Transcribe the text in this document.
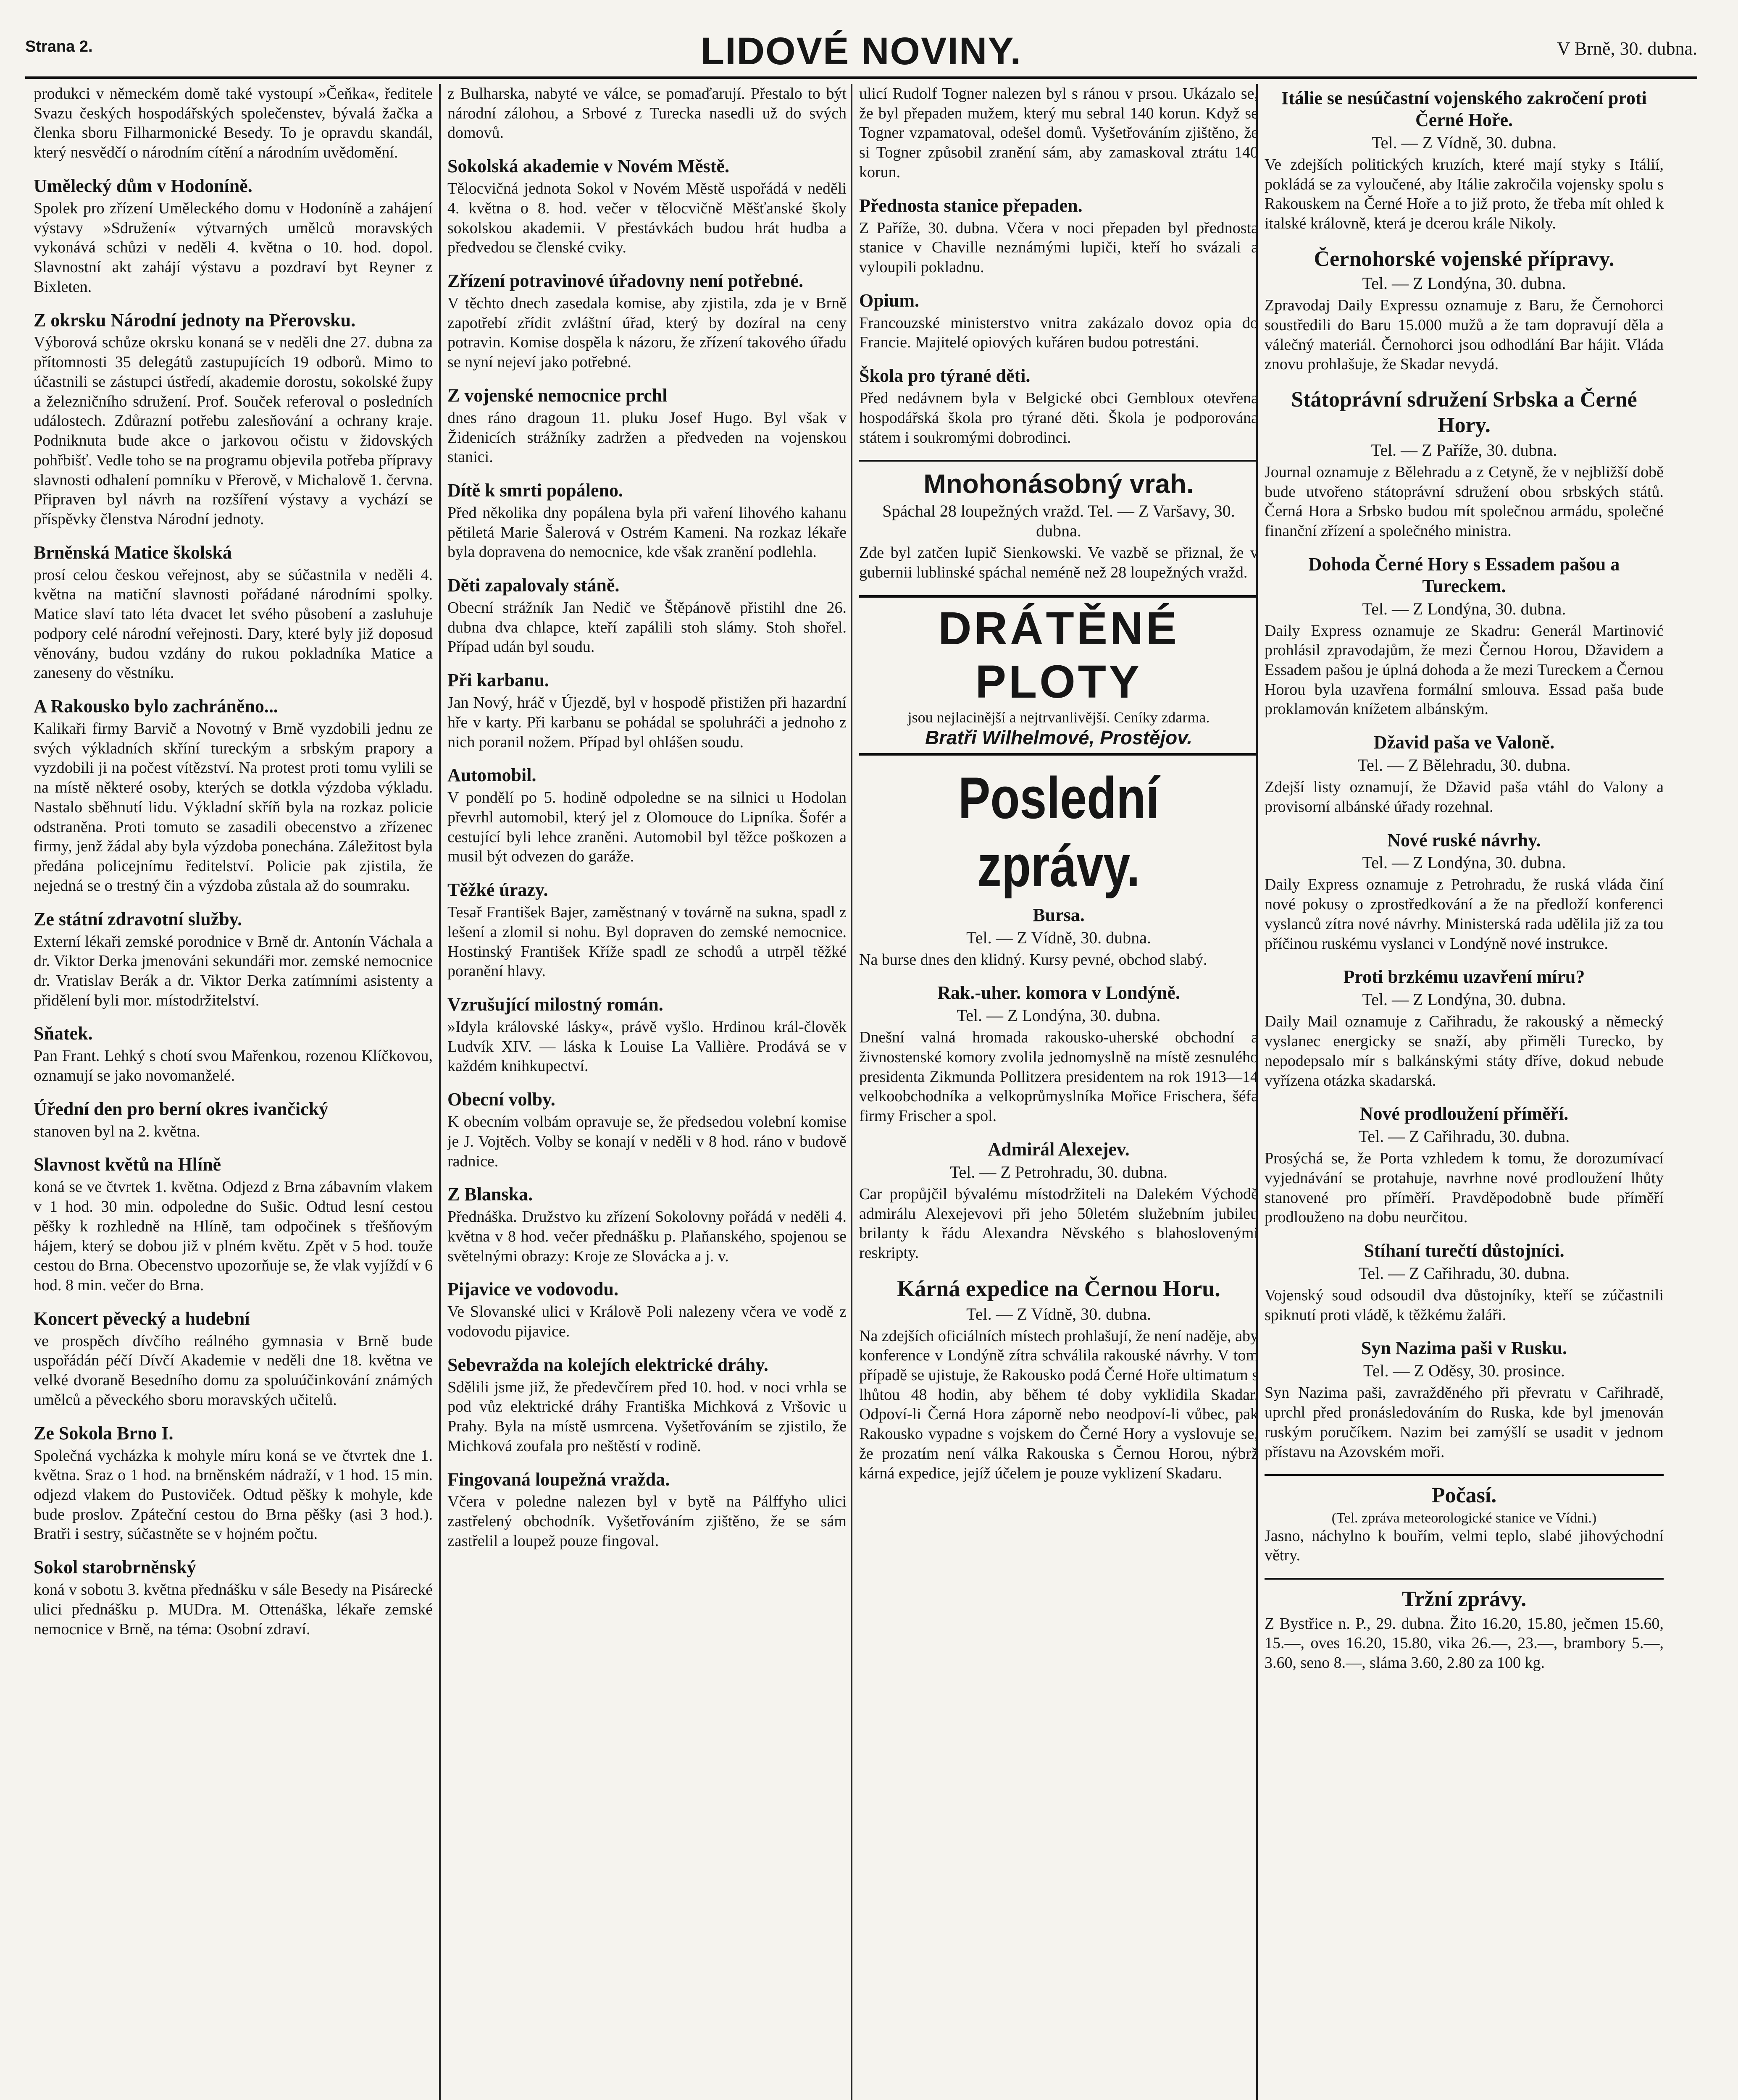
Strana 2.	LIDOVÉ NOVINY.	V Brně, 30. dubna.

produkci v německém domě také vystoupí »Čeňka«, ředitele Svazu českých hospodářských společenstev, bývalá žačka a členka sboru Filharmonické Besedy. To je opravdu skandál, který nesvědčí o národním cítění a národním uvědomění.

Umělecký dům v Hodoníně.

Spolek pro zřízení Uměleckého domu v Hodoníně a zahájení výstavy »Sdružení« výtvarných umělců moravských vykonává schůzi v neděli 4. května o 10. hod. dopol. Slavnostní akt zahájí výstavu a pozdraví byt Reyner z Bixleten.

Z okrsku Národní jednoty na Přerovsku.

Výborová schůze okrsku konaná se v neděli dne 27. dubna za přítomnosti 35 delegátů zastupujících 19 odborů. Mimo to účastnili se zástupci ústředí, akademie dorostu, sokolské župy a železničního sdružení. Prof. Souček referoval o posledních událostech. Zdůrazní potřebu zalesňování a ochrany kraje. Podniknuta bude akce o jarkovou očistu v židovských pohřbišť. Vedle toho se na programu objevila potřeba přípravy slavnosti odhalení pomníku v Přerově, v Michalově 1. června. Připraven byl návrh na rozšíření výstavy a vychází se příspěvky členstva Národní jednoty.

Brněnská Matice školská

prosí celou českou veřejnost, aby se súčastnila v neděli 4. května na matiční slavnosti pořádané národními spolky. Matice slaví tato léta dvacet let svého působení a zasluhuje podpory celé národní veřejnosti. Dary, které byly již doposud věnovány, budou vzdány do rukou pokladníka Matice a zaneseny do věstníku.

A Rakousko bylo zachráněno...

Kalikaři firmy Barvič a Novotný v Brně vyzdobili jednu ze svých výkladních skříní tureckým a srbským prapory a vyzdobili ji na počest vítězství. Na protest proti tomu vylili se na místě některé osoby, kterých se dotkla výzdoba výkladu. Nastalo sběhnutí lidu. Výkladní skříň byla na rozkaz policie odstraněna. Proti tomuto se zasadili obecenstvo a zřízenec firmy, jenž žádal aby byla výzdoba ponechána. Záležitost byla předána policejnímu ředitelství. Policie pak zjistila, že nejedná se o trestný čin a výzdoba zůstala až do soumraku.

Ze státní zdravotní služby.

Externí lékaři zemské porodnice v Brně dr. Antonín Váchala a dr. Viktor Derka jmenováni sekundáři mor. zemské nemocnice dr. Vratislav Berák a dr. Viktor Derka zatímními asistenty a přidělení byli mor. místodržitelství.

Sňatek.

Pan Frant. Lehký s chotí svou Mařenkou, rozenou Klíčkovou, oznamují se jako novomanželé.

Úřední den pro berní okres ivančický

stanoven byl na 2. května.

Slavnost květů na Hlíně

koná se ve čtvrtek 1. května. Odjezd z Brna zábavním vlakem v 1 hod. 30 min. odpoledne do Sušic. Odtud lesní cestou pěšky k rozhledně na Hlíně, tam odpočinek s třešňovým hájem, který se dobou již v plném květu. Zpět v 5 hod. touže cestou do Brna. Obecenstvo upozorňuje se, že vlak vyjíždí v 6 hod. 8 min. večer do Brna.

Koncert pěvecký a hudební

ve prospěch dívčího reálného gymnasia v Brně bude uspořádán péčí Dívčí Akademie v neděli dne 18. května ve velké dvoraně Besedního domu za spoluúčinkování známých umělců a pěveckého sboru moravských učitelů.

Ze Sokola Brno I.

Společná vycházka k mohyle míru koná se ve čtvrtek dne 1. května. Sraz o 1 hod. na brněnském nádraží, v 1 hod. 15 min. odjezd vlakem do Pustoviček. Odtud pěšky k mohyle, kde bude proslov. Zpáteční cestou do Brna pěšky (asi 3 hod.). Bratři i sestry, súčastněte se v hojném počtu.

Sokol starobrněnský

koná v sobotu 3. května přednášku v sále Besedy na Pisárecké ulici přednášku p. MUDra. M. Ottenáška, lékaře zemské nemocnice v Brně, na téma: Osobní zdraví.

z Bulharska, nabyté ve válce, se pomaďarují. Přestalo to být národní zálohou, a Srbové z Turecka nasedli už do svých domovů.

Sokolská akademie v Novém Městě.

Tělocvičná jednota Sokol v Novém Městě uspořádá v neděli 4. května o 8. hod. večer v tělocvičně Měšťanské školy sokolskou akademii. V přestávkách budou hrát hudba a předvedou se členské cviky.

Zřízení potravinové úřadovny není potřebné.

V těchto dnech zasedala komise, aby zjistila, zda je v Brně zapotřebí zřídit zvláštní úřad, který by dozíral na ceny potravin. Komise dospěla k názoru, že zřízení takového úřadu se nyní nejeví jako potřebné.

Z vojenské nemocnice prchl

dnes ráno dragoun 11. pluku Josef Hugo. Byl však v Židenicích strážníky zadržen a předveden na vojenskou stanici.

Dítě k smrti popáleno.

Před několika dny popálena byla při vaření lihového kahanu pětiletá Marie Šalerová v Ostrém Kameni. Na rozkaz lékaře byla dopravena do nemocnice, kde však zranění podlehla.

Děti zapalovaly stáně.

Obecní strážník Jan Nedič ve Štěpánově přistihl dne 26. dubna dva chlapce, kteří zapálili stoh slámy. Stoh shořel. Případ udán byl soudu.

Při karbanu.

Jan Nový, hráč v Újezdě, byl v hospodě přistižen při hazardní hře v karty. Při karbanu se pohádal se spoluhráči a jednoho z nich poranil nožem. Případ byl ohlášen soudu.

Automobil.

V pondělí po 5. hodině odpoledne se na silnici u Hodolan převrhl automobil, který jel z Olomouce do Lipníka. Šofér a cestující byli lehce zraněni. Automobil byl těžce poškozen a musil být odvezen do garáže.

Těžké úrazy.

Tesař František Bajer, zaměstnaný v továrně na sukna, spadl z lešení a zlomil si nohu. Byl dopraven do zemské nemocnice. Hostinský František Kříže spadl ze schodů a utrpěl těžké poranění hlavy.

Vzrušující milostný román.

»Idyla královské lásky«, právě vyšlo. Hrdinou král-člověk Ludvík XIV. — láska k Louise La Vallière. Prodává se v každém knihkupectví.

Obecní volby.

K obecním volbám opravuje se, že předsedou volební komise je J. Vojtěch. Volby se konají v neděli v 8 hod. ráno v budově radnice.

Z Blanska.

Přednáška. Družstvo ku zřízení Sokolovny pořádá v neděli 4. května v 8 hod. večer přednášku p. Plaňanského, spojenou se světelnými obrazy: Kroje ze Slovácka a j. v.

Pijavice ve vodovodu.

Ve Slovanské ulici v Králově Poli nalezeny včera ve vodě z vodovodu pijavice.

Sebevražda na kolejích elektrické dráhy.

Sdělili jsme již, že předevčírem před 10. hod. v noci vrhla se pod vůz elektrické dráhy Františka Michková z Vršovic u Prahy. Byla na místě usmrcena. Vyšetřováním se zjistilo, že Michková zoufala pro neštěstí v rodině.

Fingovaná loupežná vražda.

Včera v poledne nalezen byl v bytě na Pálffyho ulici zastřelený obchodník. Vyšetřováním zjištěno, že se sám zastřelil a loupež pouze fingoval.

ulicí Rudolf Togner nalezen byl s ránou v prsou. Ukázalo se, že byl přepaden mužem, který mu sebral 140 korun. Když se Togner vzpamatoval, odešel domů. Vyšetřováním zjištěno, že si Togner způsobil zranění sám, aby zamaskoval ztrátu 140 korun.

Přednosta stanice přepaden.

Z Paříže, 30. dubna. Včera v noci přepaden byl přednosta stanice v Chaville neznámými lupiči, kteří ho svázali a vyloupili pokladnu.

Opium.

Francouzské ministerstvo vnitra zakázalo dovoz opia do Francie. Majitelé opiových kuřáren budou potrestáni.

Škola pro týrané děti.

Před nedávnem byla v Belgické obci Gembloux otevřena hospodářská škola pro týrané děti. Škola je podporována státem i soukromými dobrodinci.

Mnohonásobný vrah.
Spáchal 28 loupežných vražd. Tel. — Z Varšavy, 30. dubna.

Zde byl zatčen lupič Sienkowski. Ve vazbě se přiznal, že v gubernii lublinské spáchal neméně než 28 loupežných vražd.

DRÁTĚNÉ PLOTY
jsou nejlacinější a nejtrvanlivější. Ceníky zdarma.
Bratři Wilhelmové, Prostějov.
Poslední zprávy.
Bursa.
Tel. — Z Vídně, 30. dubna.

Na burse dnes den klidný. Kursy pevné, obchod slabý.

Rak.-uher. komora v Londýně.
Tel. — Z Londýna, 30. dubna.

Dnešní valná hromada rakousko-uherské obchodní a živnostenské komory zvolila jednomyslně na místě zesnulého presidenta Zikmunda Pollitzera presidentem na rok 1913—14 velkoobchodníka a velkoprůmyslníka Mořice Frischera, šéfa firmy Frischer a spol.

Admirál Alexejev.
Tel. — Z Petrohradu, 30. dubna.

Car propůjčil bývalému místodržiteli na Dalekém Východě admirálu Alexejevovi při jeho 50letém služebním jubileu brilanty k řádu Alexandra Něvského s blahoslovenými reskripty.

Kárná expedice na Černou Horu.
Tel. — Z Vídně, 30. dubna.

Na zdejších oficiálních místech prohlašují, že není naděje, aby konference v Londýně zítra schválila rakouské návrhy. V tom případě se ujistuje, že Rakousko podá Černé Hoře ultimatum s lhůtou 48 hodin, aby během té doby vyklidila Skadar. Odpoví-li Černá Hora záporně nebo neodpoví-li vůbec, pak Rakousko vypadne s vojskem do Černé Hory a vyslovuje se, že prozatím není válka Rakouska s Černou Horou, nýbrž kárná expedice, jejíž účelem je pouze vyklizení Skadaru.

Itálie se nesúčastní vojenského zakročení proti Černé Hoře.
Tel. — Z Vídně, 30. dubna.

Ve zdejších politických kruzích, které mají styky s Itálií, pokládá se za vyloučené, aby Itálie zakročila vojensky spolu s Rakouskem na Černé Hoře a to již proto, že třeba mít ohled k italské královně, která je dcerou krále Nikoly.

Černohorské vojenské přípravy.
Tel. — Z Londýna, 30. dubna.

Zpravodaj Daily Expressu oznamuje z Baru, že Černohorci soustředili do Baru 15.000 mužů a že tam dopravují děla a válečný materiál. Černohorci jsou odhodlání Bar hájit. Vláda znovu prohlašuje, že Skadar nevydá.

Státoprávní sdružení Srbska a Černé Hory.
Tel. — Z Paříže, 30. dubna.

Journal oznamuje z Bělehradu a z Cetyně, že v nejbližší době bude utvořeno státoprávní sdružení obou srbských států. Černá Hora a Srbsko budou mít společnou armádu, společné finanční zřízení a společného ministra.

Dohoda Černé Hory s Essadem pašou a Tureckem.
Tel. — Z Londýna, 30. dubna.

Daily Express oznamuje ze Skadru: Generál Martinović prohlásil zpravodajům, že mezi Černou Horou, Džavidem a Essadem pašou je úplná dohoda a že mezi Tureckem a Černou Horou byla uzavřena formální smlouva. Essad paša bude proklamován knížetem albánským.

Džavid paša ve Valoně.
Tel. — Z Bělehradu, 30. dubna.

Zdejší listy oznamují, že Džavid paša vtáhl do Valony a provisorní albánské úřady rozehnal.

Nové ruské návrhy.
Tel. — Z Londýna, 30. dubna.

Daily Express oznamuje z Petrohradu, že ruská vláda činí nové pokusy o zprostředkování a že na předloží konferenci vyslanců zítra nové návrhy. Ministerská rada udělila již za tou příčinou ruskému vyslanci v Londýně nové instrukce.

Proti brzkému uzavření míru?
Tel. — Z Londýna, 30. dubna.

Daily Mail oznamuje z Cařihradu, že rakouský a německý vyslanec energicky se snaží, aby přiměli Turecko, by nepodepsalo mír s balkánskými státy dříve, dokud nebude vyřízena otázka skadarská.

Nové prodloužení příměří.
Tel. — Z Cařihradu, 30. dubna.

Prosýchá se, že Porta vzhledem k tomu, že dorozumívací vyjednávání se protahuje, navrhne nové prodloužení lhůty stanovené pro příměří. Pravděpodobně bude příměří prodlouženo na dobu neurčitou.

Stíhaní turečtí důstojníci.
Tel. — Z Cařihradu, 30. dubna.

Vojenský soud odsoudil dva důstojníky, kteří se zúčastnili spiknutí proti vládě, k těžkému žaláři.

Syn Nazima paši v Rusku.
Tel. — Z Oděsy, 30. prosince.

Syn Nazima paši, zavražděného při převratu v Cařihradě, uprchl před pronásledováním do Ruska, kde byl jmenován ruským poručíkem. Nazim bei zamýšlí se usadit v jednom přístavu na Azovském moři.

Počasí.
(Tel. zpráva meteorologické stanice ve Vídni.)

Jasno, náchylno k bouřím, velmi teplo, slabé jihovýchodní větry.

Tržní zprávy.

Z Bystřice n. P., 29. dubna. Žito 16.20, 15.80, ječmen 15.60, 15.—, oves 16.20, 15.80, vika 26.—, 23.—, brambory 5.—, 3.60, seno 8.—, sláma 3.60, 2.80 za 100 kg.
